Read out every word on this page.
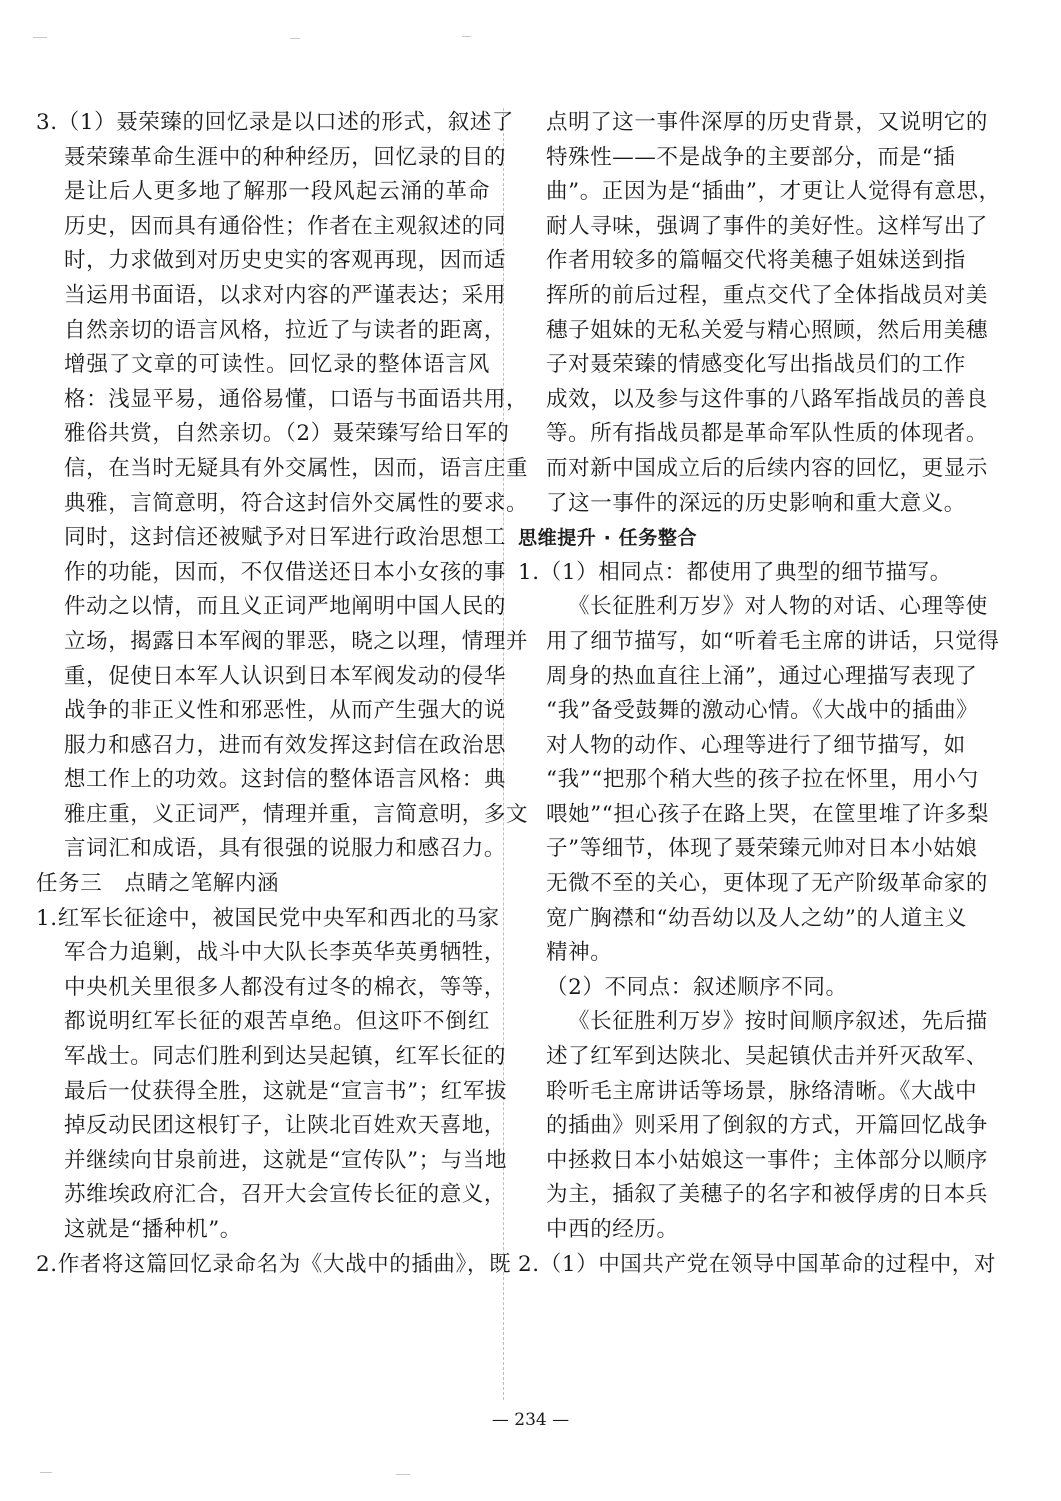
3.（1）聂荣臻的回忆录是以口述的形式，叙述了
聂荣臻革命生涯中的种种经历，回忆录的目的
是让后人更多地了解那一段风起云涌的革命
历史，因而具有通俗性；作者在主观叙述的同
时，力求做到对历史史实的客观再现，因而适
当运用书面语，以求对内容的严谨表达；采用
自然亲切的语言风格，拉近了与读者的距离，
增强了文章的可读性。回忆录的整体语言风
格：浅显平易，通俗易懂，口语与书面语共用，
雅俗共赏，自然亲切。（2）聂荣臻写给日军的
信，在当时无疑具有外交属性，因而，语言庄重
典雅，言简意明，符合这封信外交属性的要求。
同时，这封信还被赋予对日军进行政治思想工
作的功能，因而，不仅借送还日本小女孩的事
件动之以情，而且义正词严地阐明中国人民的
立场，揭露日本军阀的罪恶，晓之以理，情理并
重，促使日本军人认识到日本军阀发动的侵华
战争的非正义性和邪恶性，从而产生强大的说
服力和感召力，进而有效发挥这封信在政治思
想工作上的功效。这封信的整体语言风格：典
雅庄重，义正词严，情理并重，言简意明，多文
言词汇和成语，具有很强的说服力和感召力。
任务三　点睛之笔解内涵
1.红军长征途中，被国民党中央军和西北的马家
军合力追剿，战斗中大队长李英华英勇牺牲，
中央机关里很多人都没有过冬的棉衣，等等，
都说明红军长征的艰苦卓绝。但这吓不倒红
军战士。同志们胜利到达吴起镇，红军长征的
最后一仗获得全胜，这就是“宣言书”；红军拔
掉反动民团这根钉子，让陕北百姓欢天喜地，
并继续向甘泉前进，这就是“宣传队”；与当地
苏维埃政府汇合，召开大会宣传长征的意义，
这就是“播种机”。
2.作者将这篇回忆录命名为《大战中的插曲》，既
点明了这一事件深厚的历史背景，又说明它的
特殊性——不是战争的主要部分，而是“插
曲”。正因为是“插曲”，才更让人觉得有意思，
耐人寻味，强调了事件的美好性。这样写出了
作者用较多的篇幅交代将美穗子姐妹送到指
挥所的前后过程，重点交代了全体指战员对美
穗子姐妹的无私关爱与精心照顾，然后用美穗
子对聂荣臻的情感变化写出指战员们的工作
成效，以及参与这件事的八路军指战员的善良
等。所有指战员都是革命军队性质的体现者。
而对新中国成立后的后续内容的回忆，更显示
了这一事件的深远的历史影响和重大意义。
思维提升 · 任务整合
1.（1）相同点：都使用了典型的细节描写。
《长征胜利万岁》对人物的对话、心理等使
用了细节描写，如“听着毛主席的讲话，只觉得
周身的热血直往上涌”，通过心理描写表现了
“我”备受鼓舞的激动心情。《大战中的插曲》
对人物的动作、心理等进行了细节描写，如
“我”“把那个稍大些的孩子拉在怀里，用小勺
喂她”“担心孩子在路上哭，在筐里堆了许多梨
子”等细节，体现了聂荣臻元帅对日本小姑娘
无微不至的关心，更体现了无产阶级革命家的
宽广胸襟和“幼吾幼以及人之幼”的人道主义
精神。
（2）不同点：叙述顺序不同。
《长征胜利万岁》按时间顺序叙述，先后描
述了红军到达陕北、吴起镇伏击并歼灭敌军、
聆听毛主席讲话等场景，脉络清晰。《大战中
的插曲》则采用了倒叙的方式，开篇回忆战争
中拯救日本小姑娘这一事件；主体部分以顺序
为主，插叙了美穗子的名字和被俘虏的日本兵
中西的经历。
2.（1）中国共产党在领导中国革命的过程中，对
— 234 —
